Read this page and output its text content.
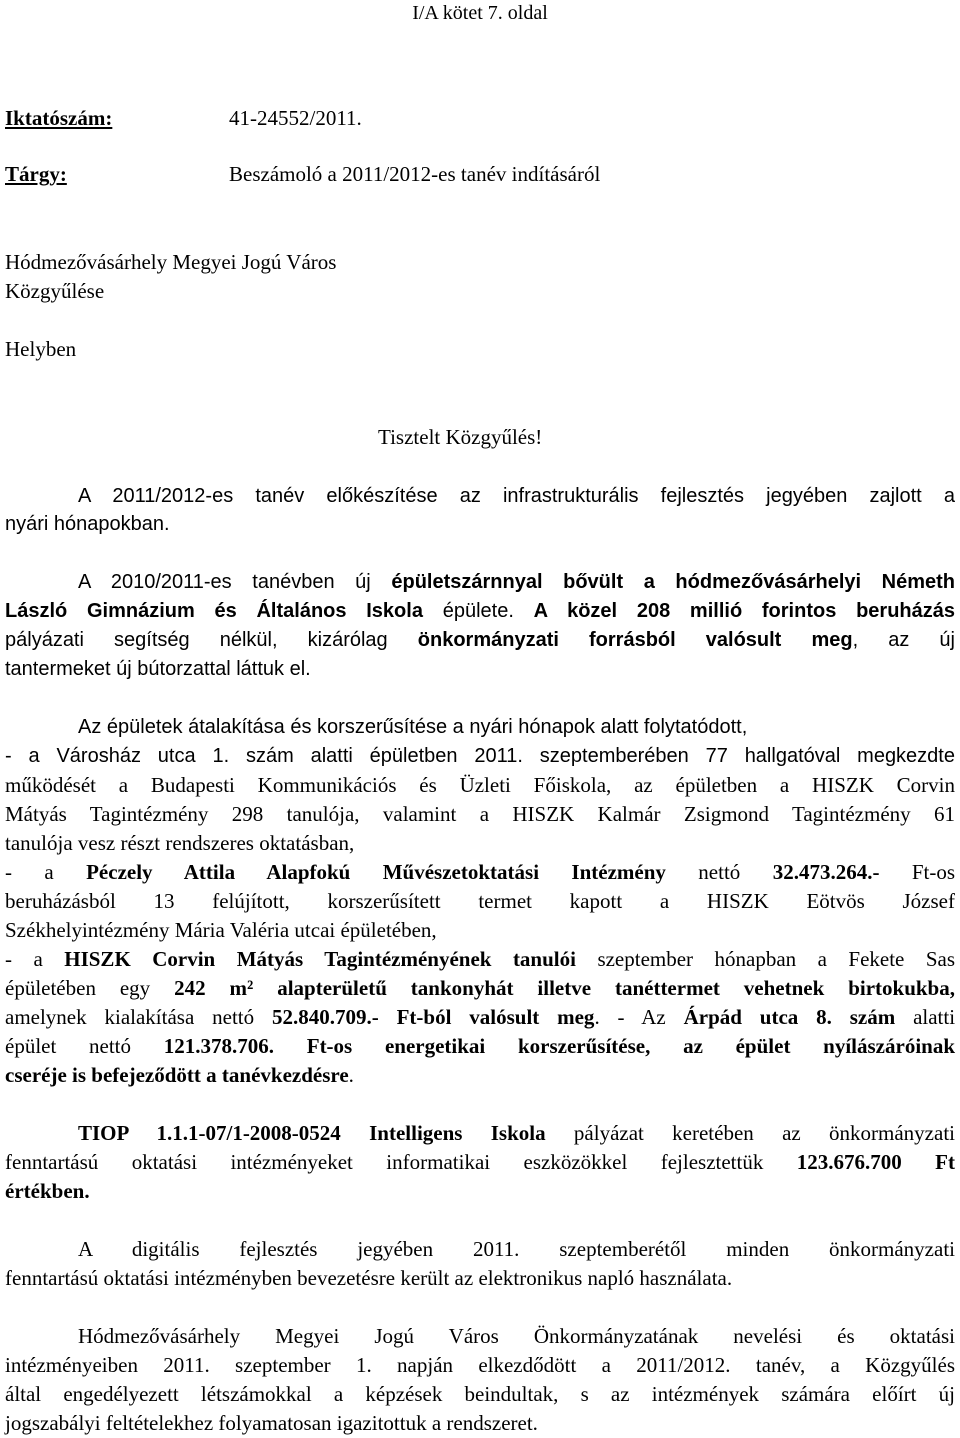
I/A kötet 7. oldal
Iktatószám:	41-24552/2011.
Tárgy:	Beszámoló a 2011/2012-es tanév indításáról
Hódmezővásárhely Megyei Jogú Város
Közgyűlése
Helyben
Tisztelt Közgyűlés!
A 2011/2012-es tanév előkészítése az infrastrukturális fejlesztés jegyében zajlott a
nyári hónapokban.
A 2010/2011-es tanévben új épületszárnnyal bővült a hódmezővásárhelyi Németh
László Gimnázium és Általános Iskola épülete. A közel 208 millió forintos beruházás
pályázati segítség nélkül, kizárólag önkormányzati forrásból valósult meg, az új
tantermeket új bútorzattal láttuk el.
Az épületek átalakítása és korszerűsítése a nyári hónapok alatt folytatódott,
- a Városház utca 1. szám alatti épületben 2011. szeptemberében 77 hallgatóval megkezdte
működését a Budapesti Kommunikációs és Üzleti Főiskola, az épületben a HISZK Corvin
Mátyás Tagintézmény 298 tanulója, valamint a HISZK Kalmár Zsigmond Tagintézmény 61
tanulója vesz részt rendszeres oktatásban,
- a Péczely Attila Alapfokú Művészetoktatási Intézmény nettó 32.473.264.- Ft-os
beruházásból 13 felújított, korszerűsített termet kapott a HISZK Eötvös József
Székhelyintézmény Mária Valéria utcai épületében,
- a HISZK Corvin Mátyás Tagintézményének tanulói szeptember hónapban a Fekete Sas
épületében egy 242 m² alapterületű tankonyhát illetve tanéttermet vehetnek birtokukba,
amelynek kialakítása nettó 52.840.709.- Ft-ból valósult meg. - Az Árpád utca 8. szám alatti
épület nettó 121.378.706. Ft-os energetikai korszerűsítése, az épület nyílászáróinak
cseréje is befejeződött a tanévkezdésre.
TIOP 1.1.1-07/1-2008-0524 Intelligens Iskola pályázat keretében az önkormányzati
fenntartású oktatási intézményeket informatikai eszközökkel fejlesztettük 123.676.700 Ft
értékben.
A digitális fejlesztés jegyében 2011. szeptemberétől minden önkormányzati
fenntartású oktatási intézményben bevezetésre került az elektronikus napló használata.
Hódmezővásárhely Megyei Jogú Város Önkormányzatának nevelési és oktatási
intézményeiben 2011. szeptember 1. napján elkezdődött a 2011/2012. tanév, a Közgyűlés
által engedélyezett létszámokkal a képzések beindultak, s az intézmények számára előírt új
jogszabályi feltételekhez folyamatosan igazitottuk a rendszeret.
